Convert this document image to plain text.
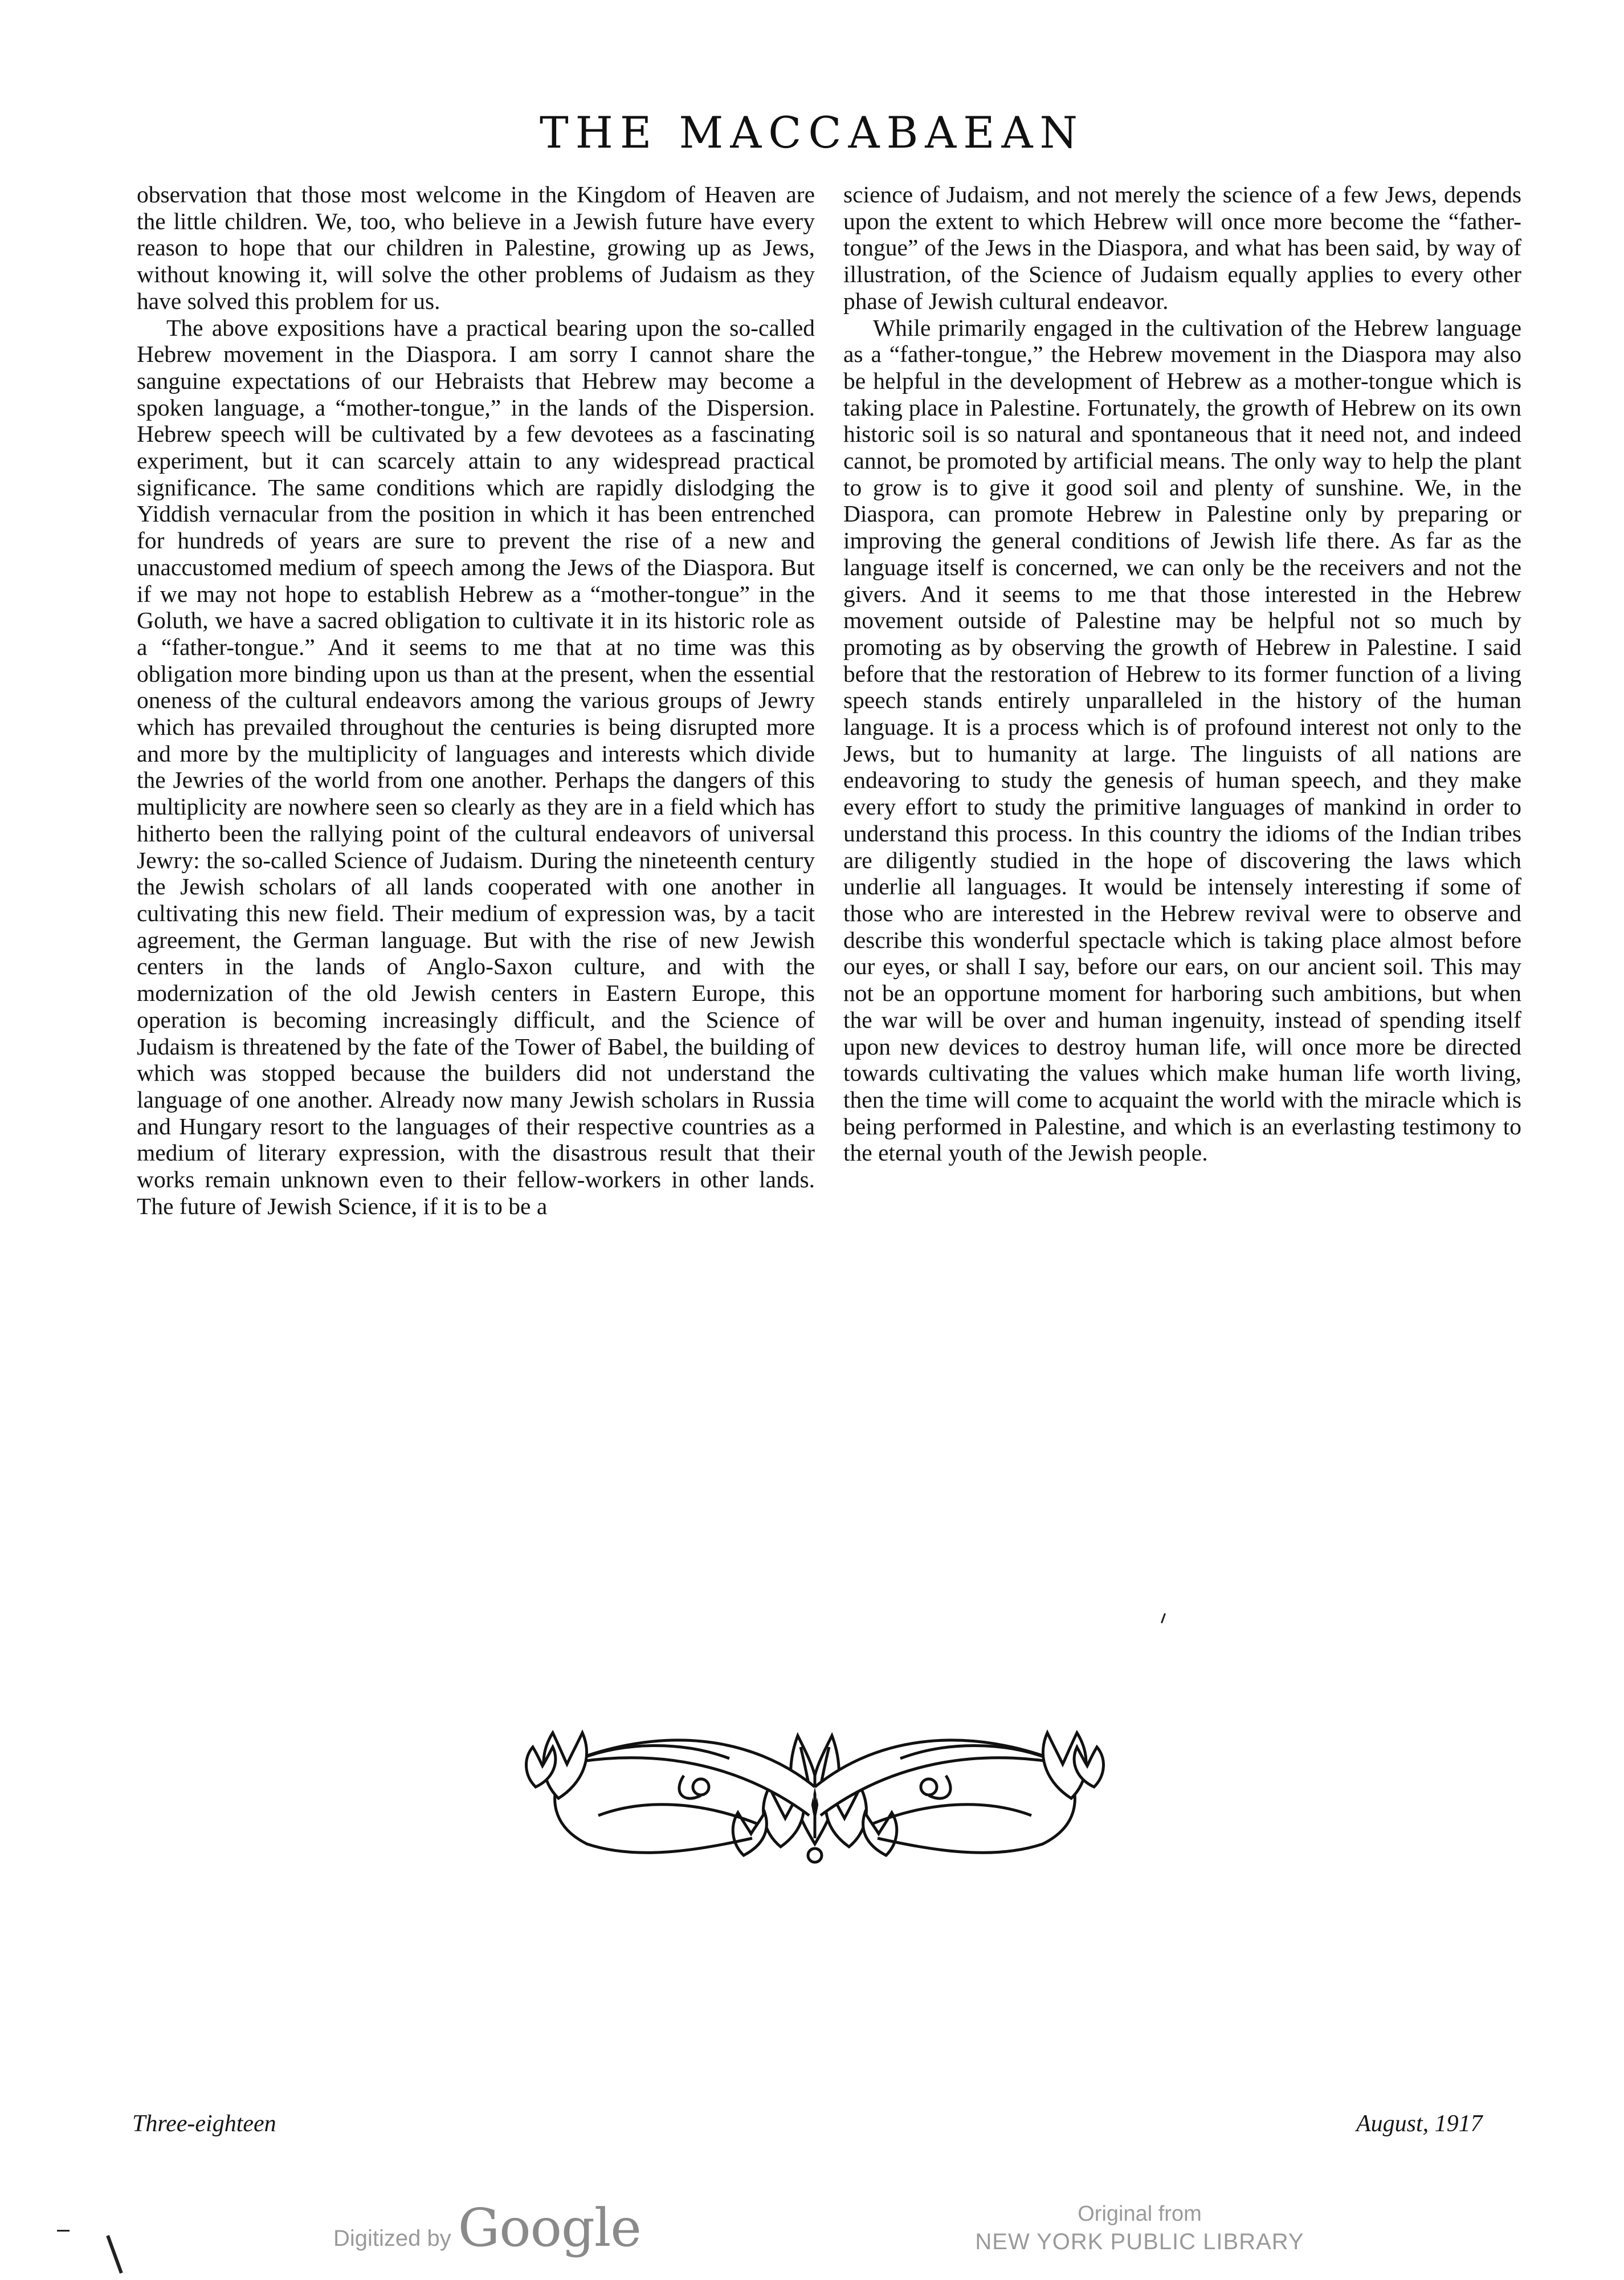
THE MACCABAEAN

observation that those most welcome in the Kingdom of Heaven are the little children. We, too, who believe in a Jewish future have every reason to hope that our children in Palestine, growing up as Jews, without knowing it, will solve the other problems of Judaism as they have solved this problem for us.

The above expositions have a practical bearing upon the so-called Hebrew movement in the Diaspora. I am sorry I cannot share the sanguine expectations of our Hebraists that Hebrew may become a spoken language, a “mother-tongue,” in the lands of the Dispersion. Hebrew speech will be cultivated by a few devotees as a fascinating experiment, but it can scarcely attain to any widespread practical significance. The same conditions which are rapidly dislodging the Yiddish vernacular from the position in which it has been entrenched for hundreds of years are sure to prevent the rise of a new and unaccustomed medium of speech among the Jews of the Diaspora. But if we may not hope to establish Hebrew as a “mother-tongue” in the Goluth, we have a sacred obligation to cultivate it in its historic role as a “father-tongue.” And it seems to me that at no time was this obligation more binding upon us than at the present, when the essential oneness of the cultural endeavors among the various groups of Jewry which has prevailed throughout the centuries is being disrupted more and more by the multiplicity of languages and interests which divide the Jewries of the world from one another. Perhaps the dangers of this multiplicity are nowhere seen so clearly as they are in a field which has hitherto been the rallying point of the cultural endeavors of universal Jewry: the so-called Science of Judaism. During the nineteenth century the Jewish scholars of all lands cooperated with one another in cultivating this new field. Their medium of expression was, by a tacit agreement, the German language. But with the rise of new Jewish centers in the lands of Anglo-Saxon culture, and with the modernization of the old Jewish centers in Eastern Europe, this operation is becoming increasingly difficult, and the Science of Judaism is threatened by the fate of the Tower of Babel, the building of which was stopped because the builders did not understand the language of one another. Already now many Jewish scholars in Russia and Hungary resort to the languages of their respective countries as a medium of literary expression, with the disastrous result that their works remain unknown even to their fellow-workers in other lands. The future of Jewish Science, if it is to be a

science of Judaism, and not merely the science of a few Jews, depends upon the extent to which Hebrew will once more become the “father-tongue” of the Jews in the Diaspora, and what has been said, by way of illustration, of the Science of Judaism equally applies to every other phase of Jewish cultural endeavor.

While primarily engaged in the cultivation of the Hebrew language as a “father-tongue,” the Hebrew movement in the Diaspora may also be helpful in the development of Hebrew as a mother-tongue which is taking place in Palestine. Fortunately, the growth of Hebrew on its own historic soil is so natural and spontaneous that it need not, and indeed cannot, be promoted by artificial means. The only way to help the plant to grow is to give it good soil and plenty of sunshine. We, in the Diaspora, can promote Hebrew in Palestine only by preparing or improving the general conditions of Jewish life there. As far as the language itself is concerned, we can only be the receivers and not the givers. And it seems to me that those interested in the Hebrew movement outside of Palestine may be helpful not so much by promoting as by observing the growth of Hebrew in Palestine. I said before that the restoration of Hebrew to its former function of a living speech stands entirely unparalleled in the history of the human language. It is a process which is of profound interest not only to the Jews, but to humanity at large. The linguists of all nations are endeavoring to study the genesis of human speech, and they make every effort to study the primitive languages of mankind in order to understand this process. In this country the idioms of the Indian tribes are diligently studied in the hope of discovering the laws which underlie all languages. It would be intensely interesting if some of those who are interested in the Hebrew revival were to observe and describe this wonderful spectacle which is taking place almost before our eyes, or shall I say, before our ears, on our ancient soil. This may not be an opportune moment for harboring such ambitions, but when the war will be over and human ingenuity, instead of spending itself upon new devices to destroy human life, will once more be directed towards cultivating the values which make human life worth living, then the time will come to acquaint the world with the miracle which is being performed in Palestine, and which is an everlasting testimony to the eternal youth of the Jewish people.

Three-eighteen	August, 1917
Digitized by Google	Original from
NEW YORK PUBLIC LIBRARY
